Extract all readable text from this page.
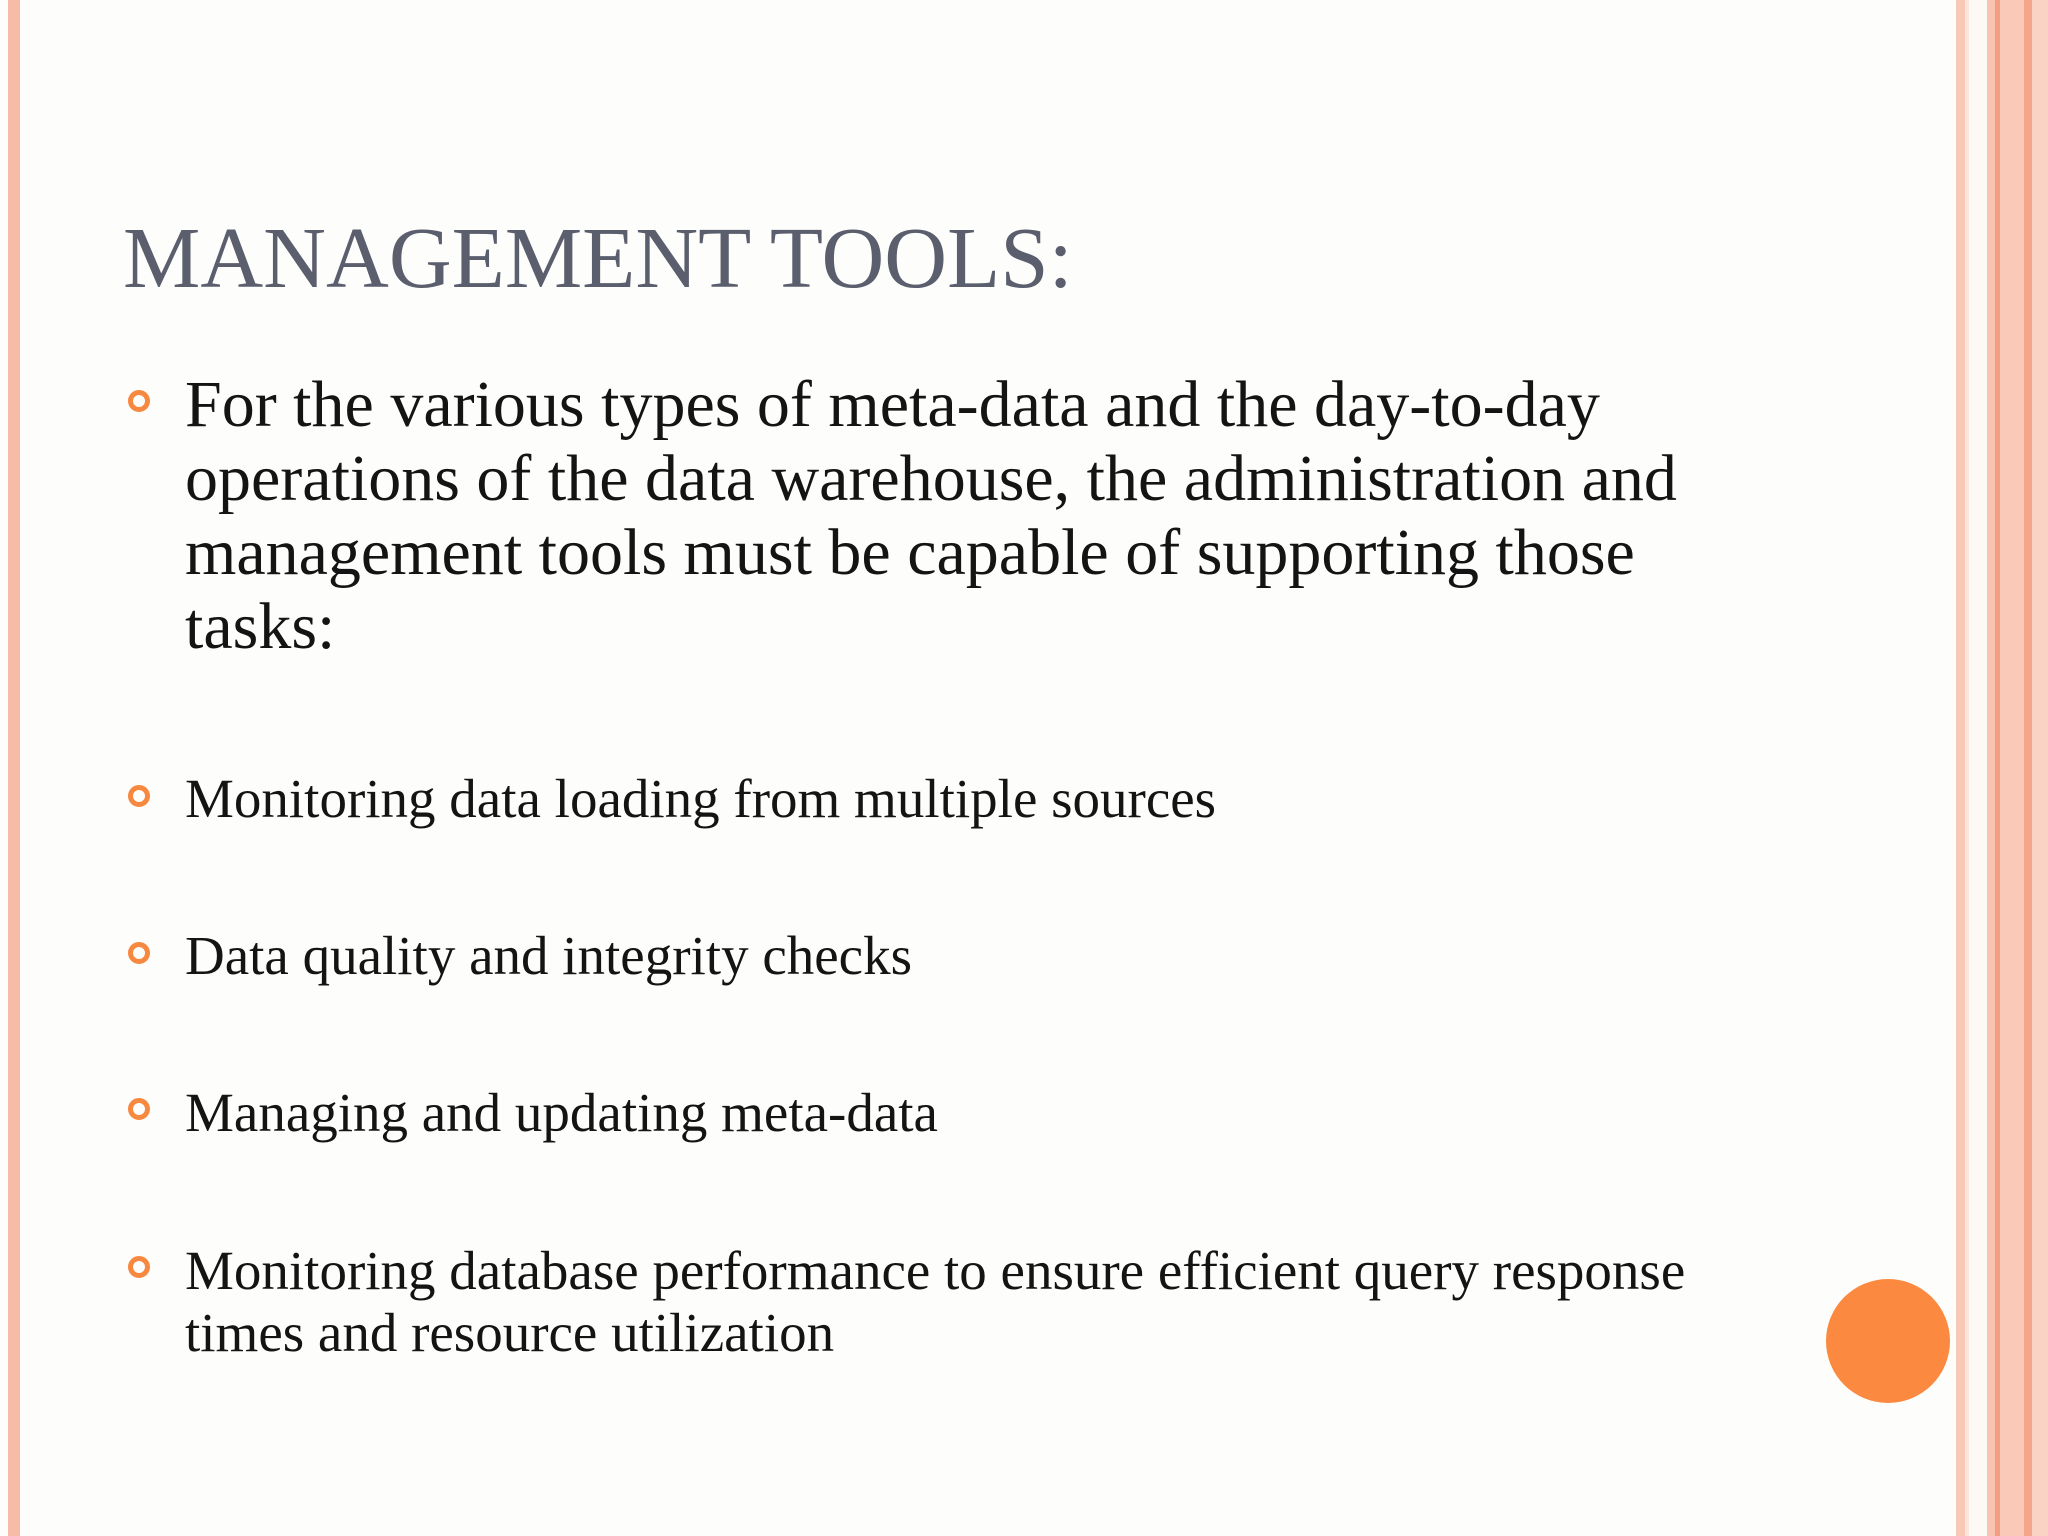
MANAGEMENT TOOLS:

For the various types of meta-data and the day-to-day operations of the data warehouse, the administration and management tools must be capable of supporting those tasks:

Monitoring data loading from multiple sources

Data quality and integrity checks

Managing and updating meta-data

Monitoring database performance to ensure efficient query response times and resource utilization
